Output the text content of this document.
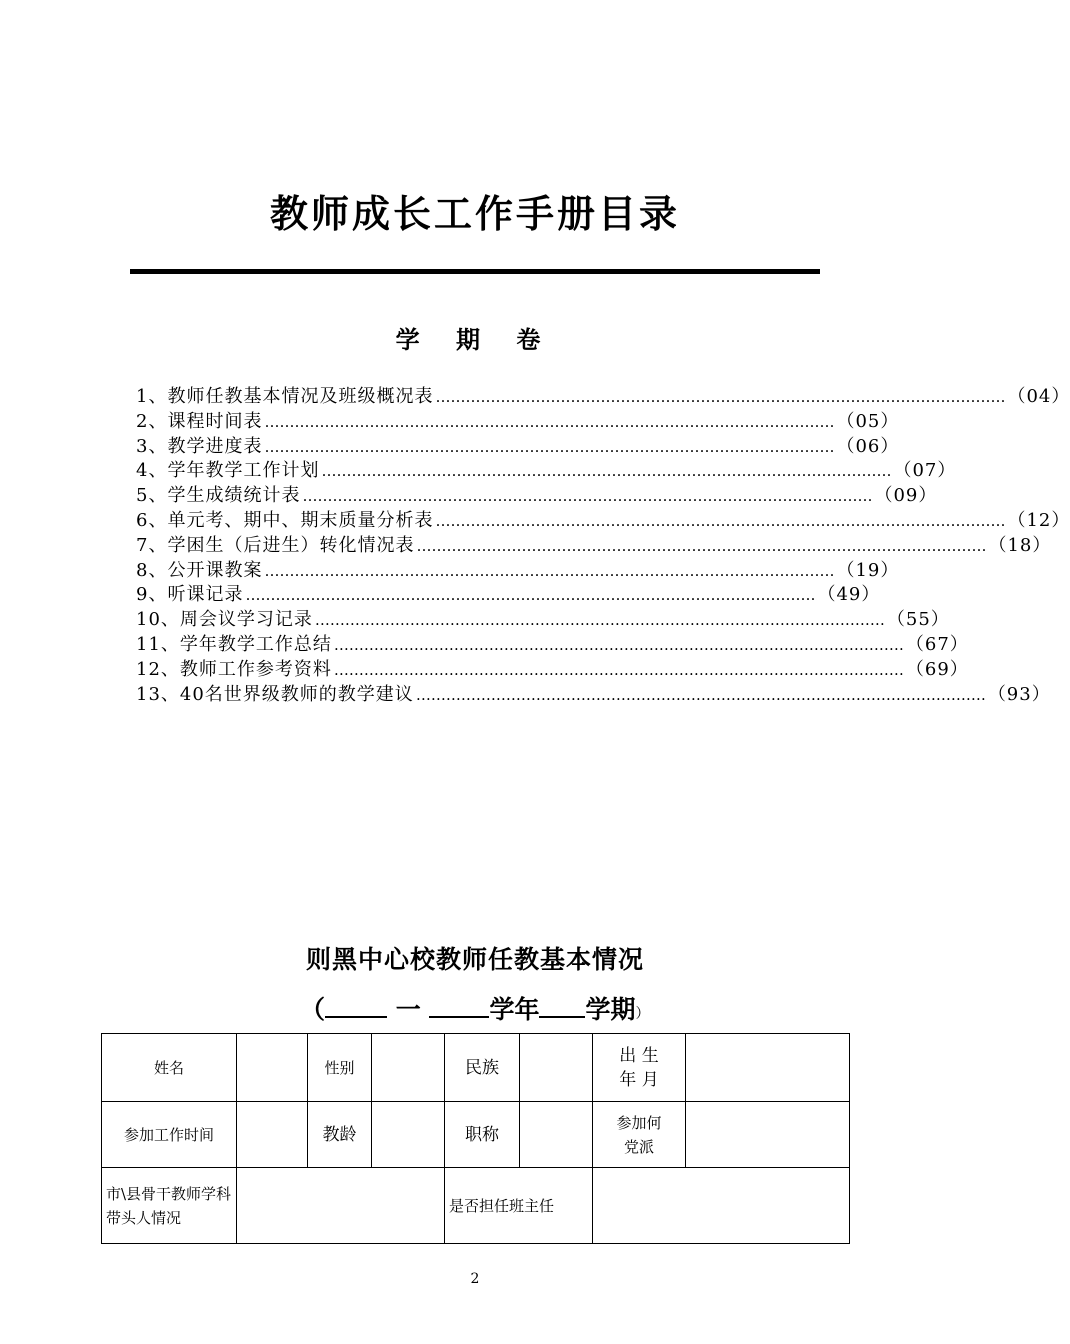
教师成长工作手册目录
学 期 卷
1、教师任教基本情况及班级概况表 …………………………………………………………………………………………………… （04）
2、课程时间表 …………………………………………………………………………………………………… （05）
3、教学进度表 …………………………………………………………………………………………………… （06）
4、学年教学工作计划 …………………………………………………………………………………………………… （07）
5、学生成绩统计表 …………………………………………………………………………………………………… （09）
6、单元考、期中、期末质量分析表 …………………………………………………………………………………………………… （12）
7、学困生（后进生）转化情况表 …………………………………………………………………………………………………… （18）
8、公开课教案 …………………………………………………………………………………………………… （19）
9、听课记录 …………………………………………………………………………………………………… （49）
10、周会议学习记录 …………………………………………………………………………………………………… （55）
11、学年教学工作总结 …………………………………………………………………………………………………… （67）
12、教师工作参考资料 …………………………………………………………………………………………………… （69）
13、40名世界级教师的教学建议 …………………………………………………………………………………………………… （93）
则黑中心校教师任教基本情况
（ 一 学年 学期）
姓名		性别		民族		出 生
年 月	

参加工作时间		教龄		职称		参加何
党派	

市\县骨干教师学科带头人情况				是否担任班主任			
2
